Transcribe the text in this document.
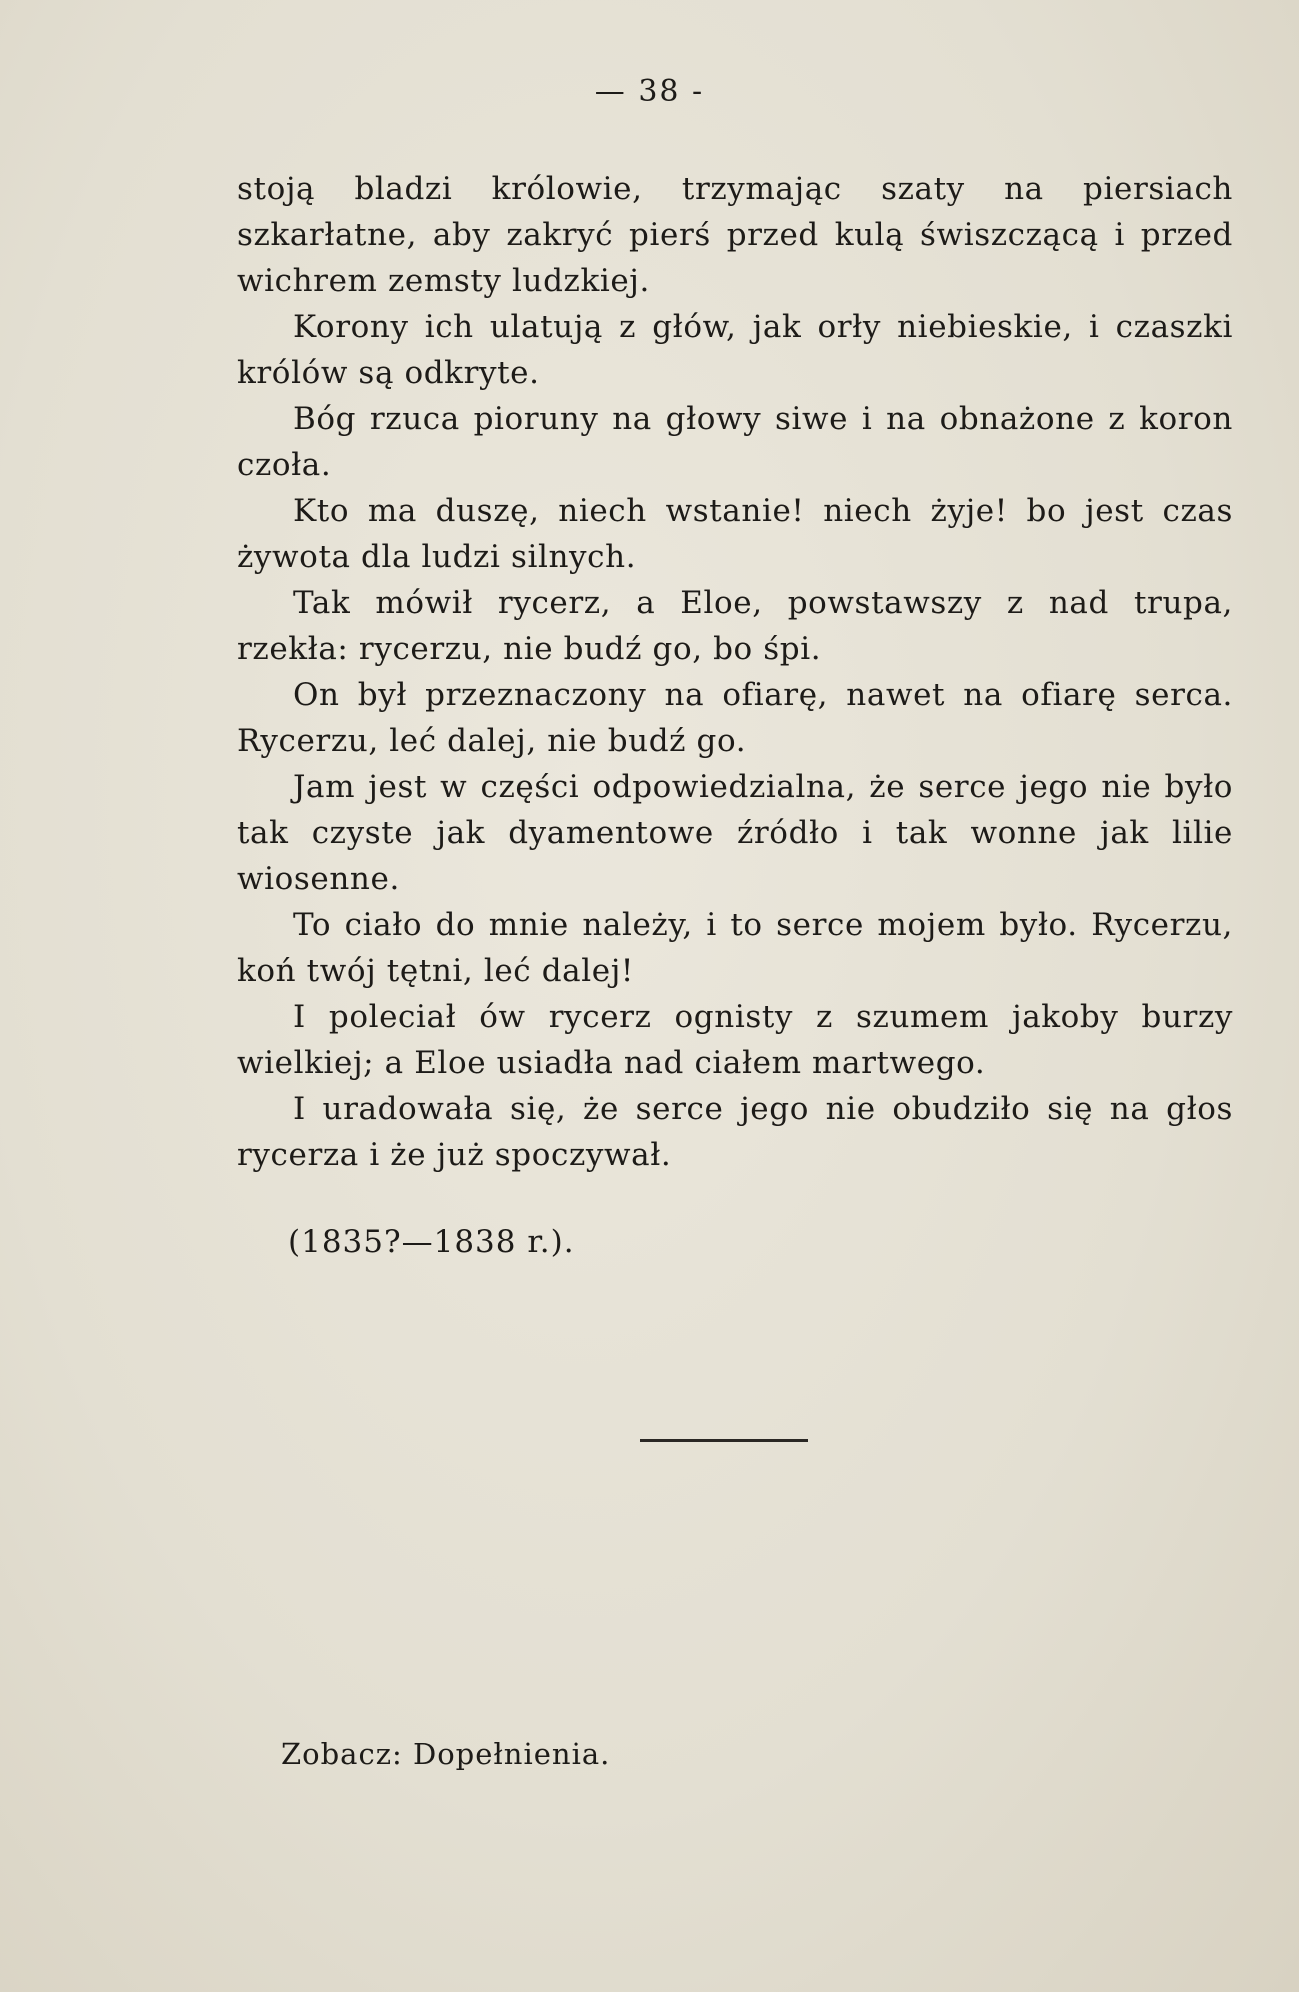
— 38 -

stoją bladzi królowie, trzymając szaty na piersiach szkarłatne, aby zakryć pierś przed kulą świszczącą i przed wichrem zemsty ludzkiej.

Korony ich ulatują z głów, jak orły niebieskie, i czaszki królów są odkryte.

Bóg rzuca pioruny na głowy siwe i na obnażone z koron czoła.

Kto ma duszę, niech wstanie! niech żyje! bo jest czas żywota dla ludzi silnych.

Tak mówił rycerz, a Eloe, powstawszy z nad trupa, rzekła: rycerzu, nie budź go, bo śpi.

On był przeznaczony na ofiarę, nawet na ofiarę serca. Rycerzu, leć dalej, nie budź go.

Jam jest w części odpowiedzialna, że serce jego nie było tak czyste jak dyamentowe źródło i tak wonne jak lilie wiosenne.

To ciało do mnie należy, i to serce mojem było. Rycerzu, koń twój tętni, leć dalej!

I poleciał ów rycerz ognisty z szumem jakoby burzy wielkiej; a Eloe usiadła nad ciałem martwego.

I uradowała się, że serce jego nie obudziło się na głos rycerza i że już spoczywał.

(1835?—1838 r.).
Zobacz: Dopełnienia.
